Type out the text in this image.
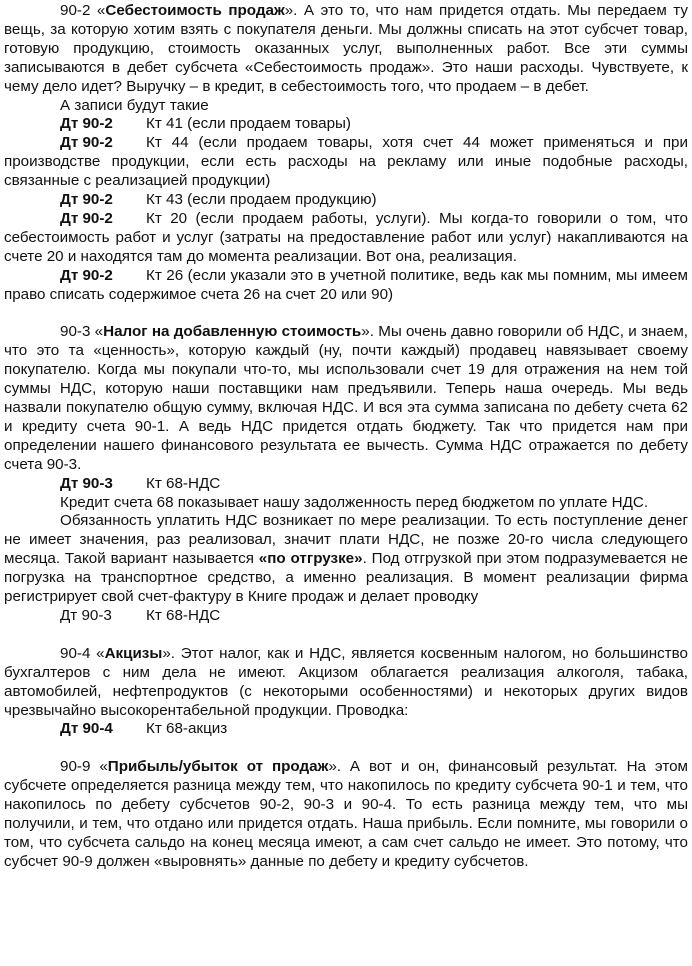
90-2 «Себестоимость продаж». А это то, что нам придется отдать. Мы передаем ту вещь, за которую хотим взять с покупателя деньги. Мы должны списать на этот субсчет товар, готовую продукцию, стоимость оказанных услуг, выполненных работ. Все эти суммы записываются в дебет субсчета «Себестоимость продаж». Это наши расходы. Чувствуете, к чему дело идет? Выручку – в кредит, в себестоимость того, что продаем – в дебет.

А записи будут такие

Дт 90-2 Кт 41 (если продаем товары)

Дт 90-2 Кт 44 (если продаем товары, хотя счет 44 может применяться и при производстве продукции, если есть расходы на рекламу или иные подобные расходы, связанные с реализацией продукции)

Дт 90-2 Кт 43 (если продаем продукцию)

Дт 90-2 Кт 20 (если продаем работы, услуги). Мы когда-то говорили о том, что себестоимость работ и услуг (затраты на предоставление работ или услуг) накапливаются на счете 20 и находятся там до момента реализации. Вот она, реализация.

Дт 90-2 Кт 26 (если указали это в учетной политике, ведь как мы помним, мы имеем право списать содержимое счета 26 на счет 20 или 90)

90-3 «Налог на добавленную стоимость». Мы очень давно говорили об НДС, и знаем, что это та «ценность», которую каждый (ну, почти каждый) продавец навязывает своему покупателю. Когда мы покупали что-то, мы использовали счет 19 для отражения на нем той суммы НДС, которую наши поставщики нам предъявили. Теперь наша очередь. Мы ведь назвали покупателю общую сумму, включая НДС. И вся эта сумма записана по дебету счета 62 и кредиту счета 90-1. А ведь НДС придется отдать бюджету. Так что придется нам при определении нашего финансового результата ее вычесть. Сумма НДС отражается по дебету счета 90-3.

Дт 90-3 Кт 68-НДС

Кредит счета 68 показывает нашу задолженность перед бюджетом по уплате НДС.

Обязанность уплатить НДС возникает по мере реализации. То есть поступление денег не имеет значения, раз реализовал, значит плати НДС, не позже 20-го числа следующего месяца. Такой вариант называется «по отгрузке». Под отгрузкой при этом подразумевается не погрузка на транспортное средство, а именно реализация. В момент реализации фирма регистрирует свой счет-фактуру в Книге продаж и делает проводку

Дт 90-3 Кт 68-НДС

90-4 «Акцизы». Этот налог, как и НДС, является косвенным налогом, но большинство бухгалтеров с ним дела не имеют. Акцизом облагается реализация алкоголя, табака, автомобилей, нефтепродуктов (с некоторыми особенностями) и некоторых других видов чрезвычайно высокорентабельной продукции. Проводка:

Дт 90-4 Кт 68-акциз

90-9 «Прибыль/убыток от продаж». А вот и он, финансовый результат. На этом субсчете определяется разница между тем, что накопилось по кредиту субсчета 90-1 и тем, что накопилось по дебету субсчетов 90-2, 90-3 и 90-4. То есть разница между тем, что мы получили, и тем, что отдано или придется отдать. Наша прибыль. Если помните, мы говорили о том, что субсчета сальдо на конец месяца имеют, а сам счет сальдо не имеет. Это потому, что субсчет 90-9 должен «выровнять» данные по дебету и кредиту субсчетов.
